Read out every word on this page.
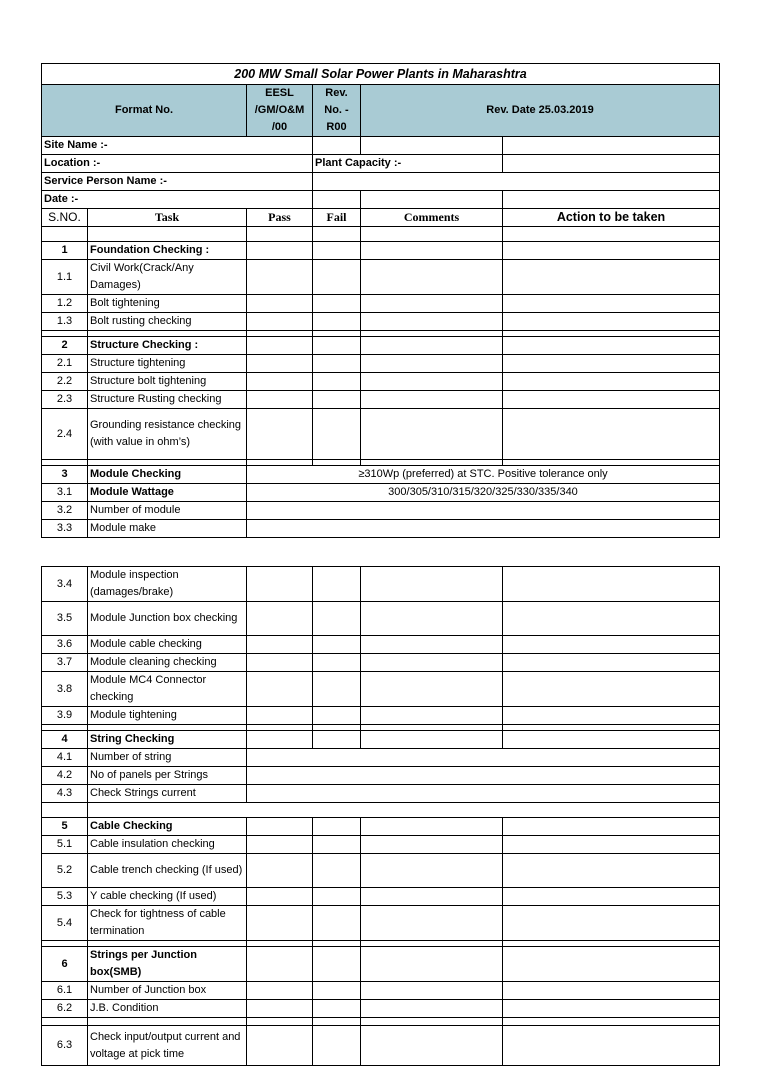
200 MW Small Solar Power Plants in Maharashtra					
Format No.		EESL /GM/O&M /00	Rev. No. - R00	Rev. Date 25.03.2019	
Site Name :-					
Location :-			Plant Capacity :-		
Service Person Name :-					
Date :-					
S.NO.	Task	Pass	Fail	Comments	Action to be taken

1	Foundation Checking :				
1.1	Civil Work(Crack/Any Damages)				
1.2	Bolt tightening				
1.3	Bolt rusting checking				

2	Structure Checking :				
2.1	Structure tightening				
2.2	Structure bolt tightening				
2.3	Structure Rusting checking				
2.4	Grounding resistance checking (with value in ohm’s)				

3	Module Checking	≥310Wp (preferred) at STC. Positive tolerance only			
3.1	Module Wattage	300/305/310/315/320/325/330/335/340			
3.2	Number of module				
3.3	Module make				
3.4	Module inspection (damages/brake)				
3.5	Module Junction box checking				
3.6	Module cable checking				
3.7	Module cleaning checking				
3.8	Module MC4 Connector checking				
3.9	Module tightening				

4	String Checking				
4.1	Number of string				
4.2	No of panels per Strings				
4.3	Check Strings current				

5	Cable Checking				
5.1	Cable insulation checking				
5.2	Cable trench checking (If used)				
5.3	Y cable checking (If used)				
5.4	Check for tightness of cable termination				

6	Strings per Junction box(SMB)				
6.1	Number of Junction box				
6.2	J.B. Condition				

6.3	Check input/output current and voltage at pick time				
